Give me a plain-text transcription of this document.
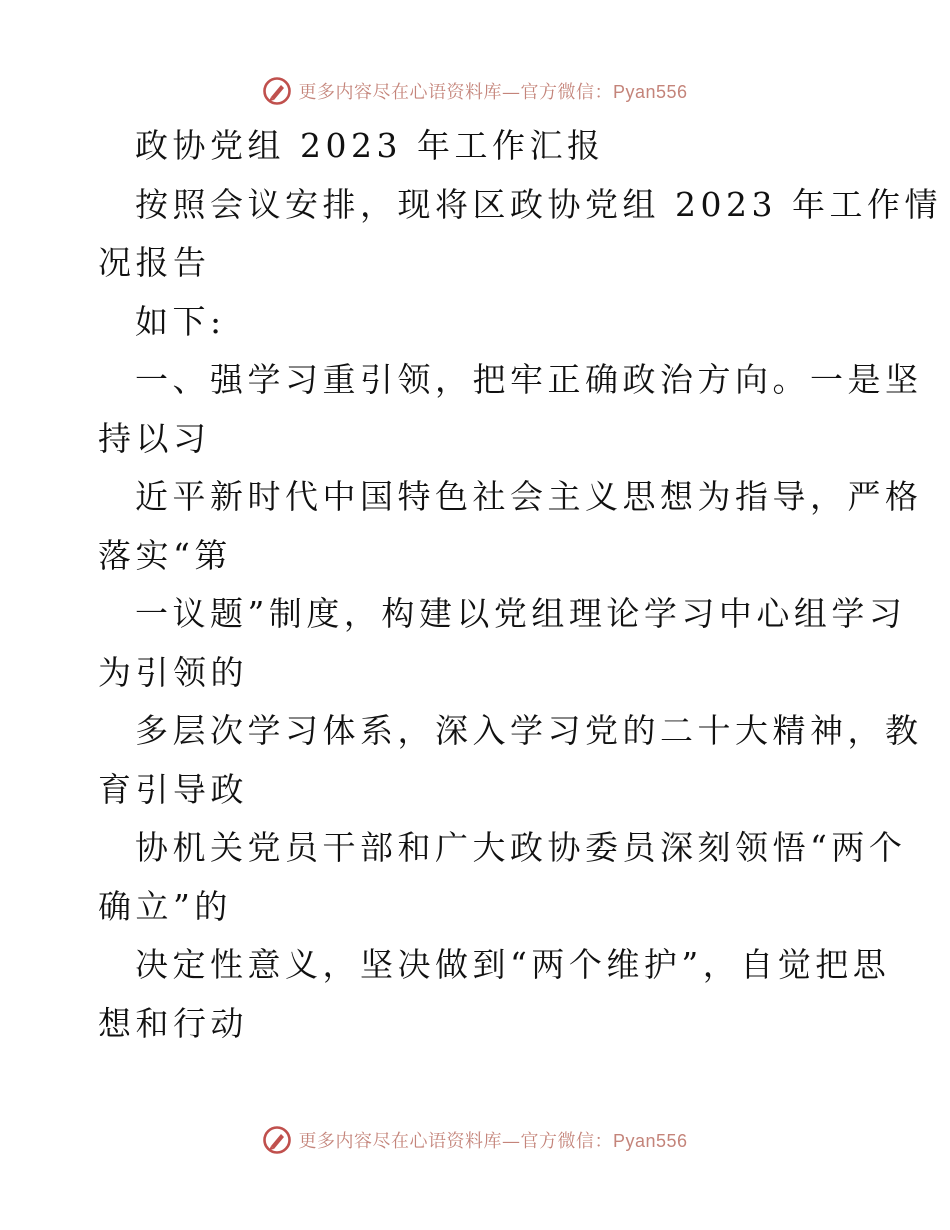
更多内容尽在心语资料库—官方微信：Pyan556
政协党组 2023 年工作汇报
按照会议安排，现将区政协党组 2023 年工作情
况报告
如下:
一、强学习重引领，把牢正确政治方向。一是坚
持以习
近平新时代中国特色社会主义思想为指导，严格
落实“第
一议题”制度，构建以党组理论学习中心组学习
为引领的
多层次学习体系，深入学习党的二十大精神，教
育引导政
协机关党员干部和广大政协委员深刻领悟“两个
确立”的
决定性意义，坚决做到“两个维护”，自觉把思
想和行动
更多内容尽在心语资料库—官方微信：Pyan556
